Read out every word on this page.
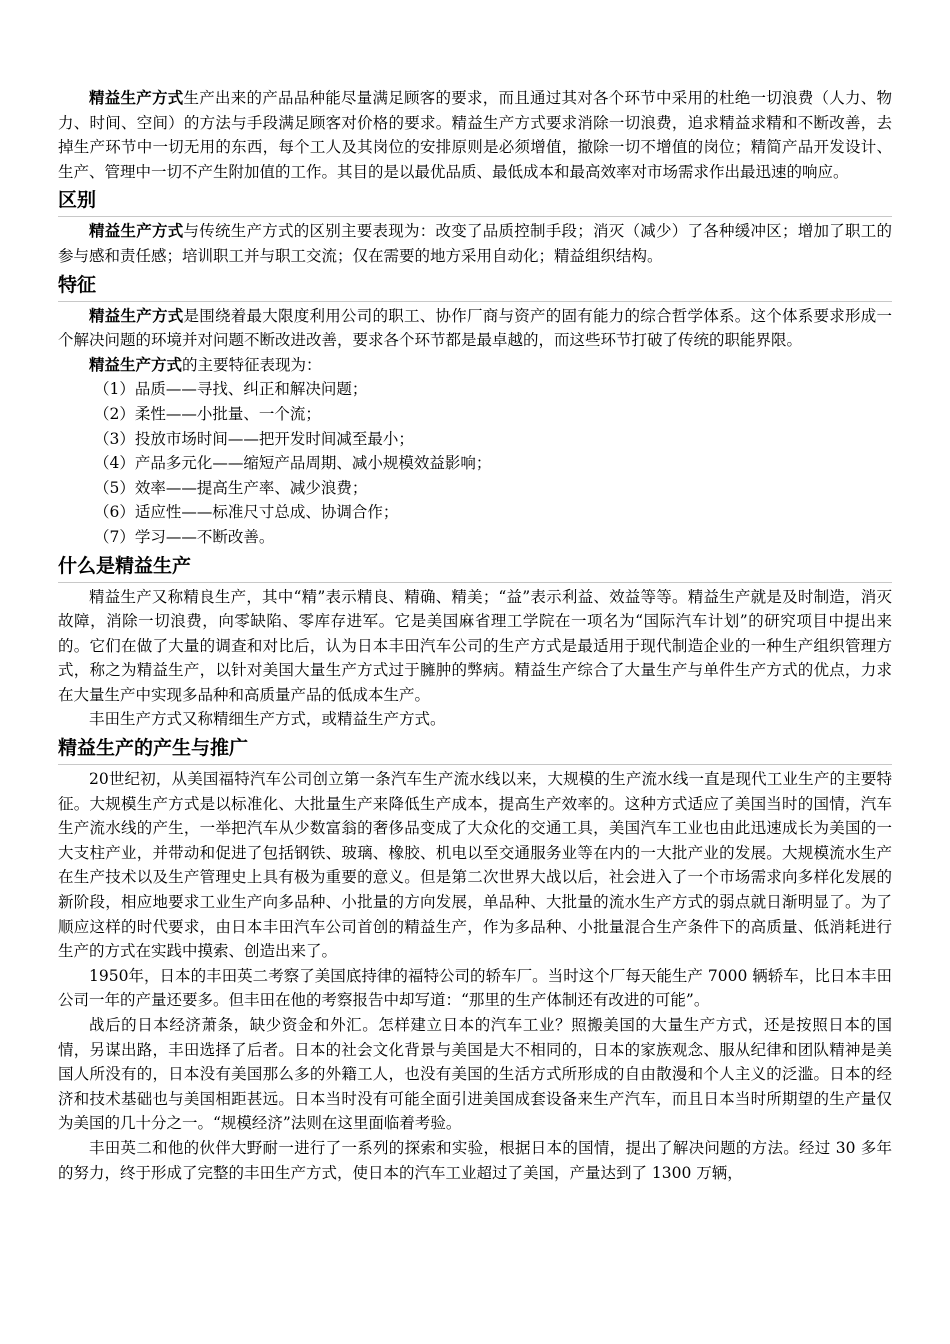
精益生产方式生产出来的产品品种能尽量满足顾客的要求，而且通过其对各个环节中采用的杜绝一切浪费（人力、物力、时间、空间）的方法与手段满足顾客对价格的要求。精益生产方式要求消除一切浪费，追求精益求精和不断改善，去掉生产环节中一切无用的东西，每个工人及其岗位的安排原则是必须增值，撤除一切不增值的岗位；精简产品开发设计、生产、管理中一切不产生附加值的工作。其目的是以最优品质、最低成本和最高效率对市场需求作出最迅速的响应。

区别

精益生产方式与传统生产方式的区别主要表现为：改变了品质控制手段；消灭（减少）了各种缓冲区；增加了职工的参与感和责任感；培训职工并与职工交流；仅在需要的地方采用自动化；精益组织结构。

特征

精益生产方式是围绕着最大限度利用公司的职工、协作厂商与资产的固有能力的综合哲学体系。这个体系要求形成一个解决问题的环境并对问题不断改进改善，要求各个环节都是最卓越的，而这些环节打破了传统的职能界限。

精益生产方式的主要特征表现为：

（1）品质——寻找、纠正和解决问题；
（2）柔性——小批量、一个流；
（3）投放市场时间——把开发时间减至最小；
（4）产品多元化——缩短产品周期、减小规模效益影响；
（5）效率——提高生产率、减少浪费；
（6）适应性——标准尺寸总成、协调合作；
（7）学习——不断改善。
什么是精益生产

精益生产又称精良生产，其中“精”表示精良、精确、精美；“益”表示利益、效益等等。精益生产就是及时制造，消灭故障，消除一切浪费，向零缺陷、零库存进军。它是美国麻省理工学院在一项名为“国际汽车计划”的研究项目中提出来的。它们在做了大量的调查和对比后，认为日本丰田汽车公司的生产方式是最适用于现代制造企业的一种生产组织管理方式，称之为精益生产，以针对美国大量生产方式过于臃肿的弊病。精益生产综合了大量生产与单件生产方式的优点，力求在大量生产中实现多品种和高质量产品的低成本生产。

丰田生产方式又称精细生产方式，或精益生产方式。

精益生产的产生与推广

20世纪初，从美国福特汽车公司创立第一条汽车生产流水线以来，大规模的生产流水线一直是现代工业生产的主要特征。大规模生产方式是以标准化、大批量生产来降低生产成本，提高生产效率的。这种方式适应了美国当时的国情，汽车生产流水线的产生，一举把汽车从少数富翁的奢侈品变成了大众化的交通工具，美国汽车工业也由此迅速成长为美国的一大支柱产业，并带动和促进了包括钢铁、玻璃、橡胶、机电以至交通服务业等在内的一大批产业的发展。大规模流水生产在生产技术以及生产管理史上具有极为重要的意义。但是第二次世界大战以后，社会进入了一个市场需求向多样化发展的新阶段，相应地要求工业生产向多品种、小批量的方向发展，单品种、大批量的流水生产方式的弱点就日渐明显了。为了顺应这样的时代要求，由日本丰田汽车公司首创的精益生产，作为多品种、小批量混合生产条件下的高质量、低消耗进行生产的方式在实践中摸索、创造出来了。

1950年，日本的丰田英二考察了美国底持律的福特公司的轿车厂。当时这个厂每天能生产 7000 辆轿车，比日本丰田公司一年的产量还要多。但丰田在他的考察报告中却写道：“那里的生产体制还有改进的可能”。

战后的日本经济萧条，缺少资金和外汇。怎样建立日本的汽车工业？照搬美国的大量生产方式，还是按照日本的国情，另谋出路，丰田选择了后者。日本的社会文化背景与美国是大不相同的，日本的家族观念、服从纪律和团队精神是美国人所没有的，日本没有美国那么多的外籍工人，也没有美国的生活方式所形成的自由散漫和个人主义的泛滥。日本的经济和技术基础也与美国相距甚远。日本当时没有可能全面引进美国成套设备来生产汽车，而且日本当时所期望的生产量仅为美国的几十分之一。“规模经济”法则在这里面临着考验。

丰田英二和他的伙伴大野耐一进行了一系列的探索和实验，根据日本的国情，提出了解决问题的方法。经过 30 多年的努力，终于形成了完整的丰田生产方式，使日本的汽车工业超过了美国，产量达到了 1300 万辆，
